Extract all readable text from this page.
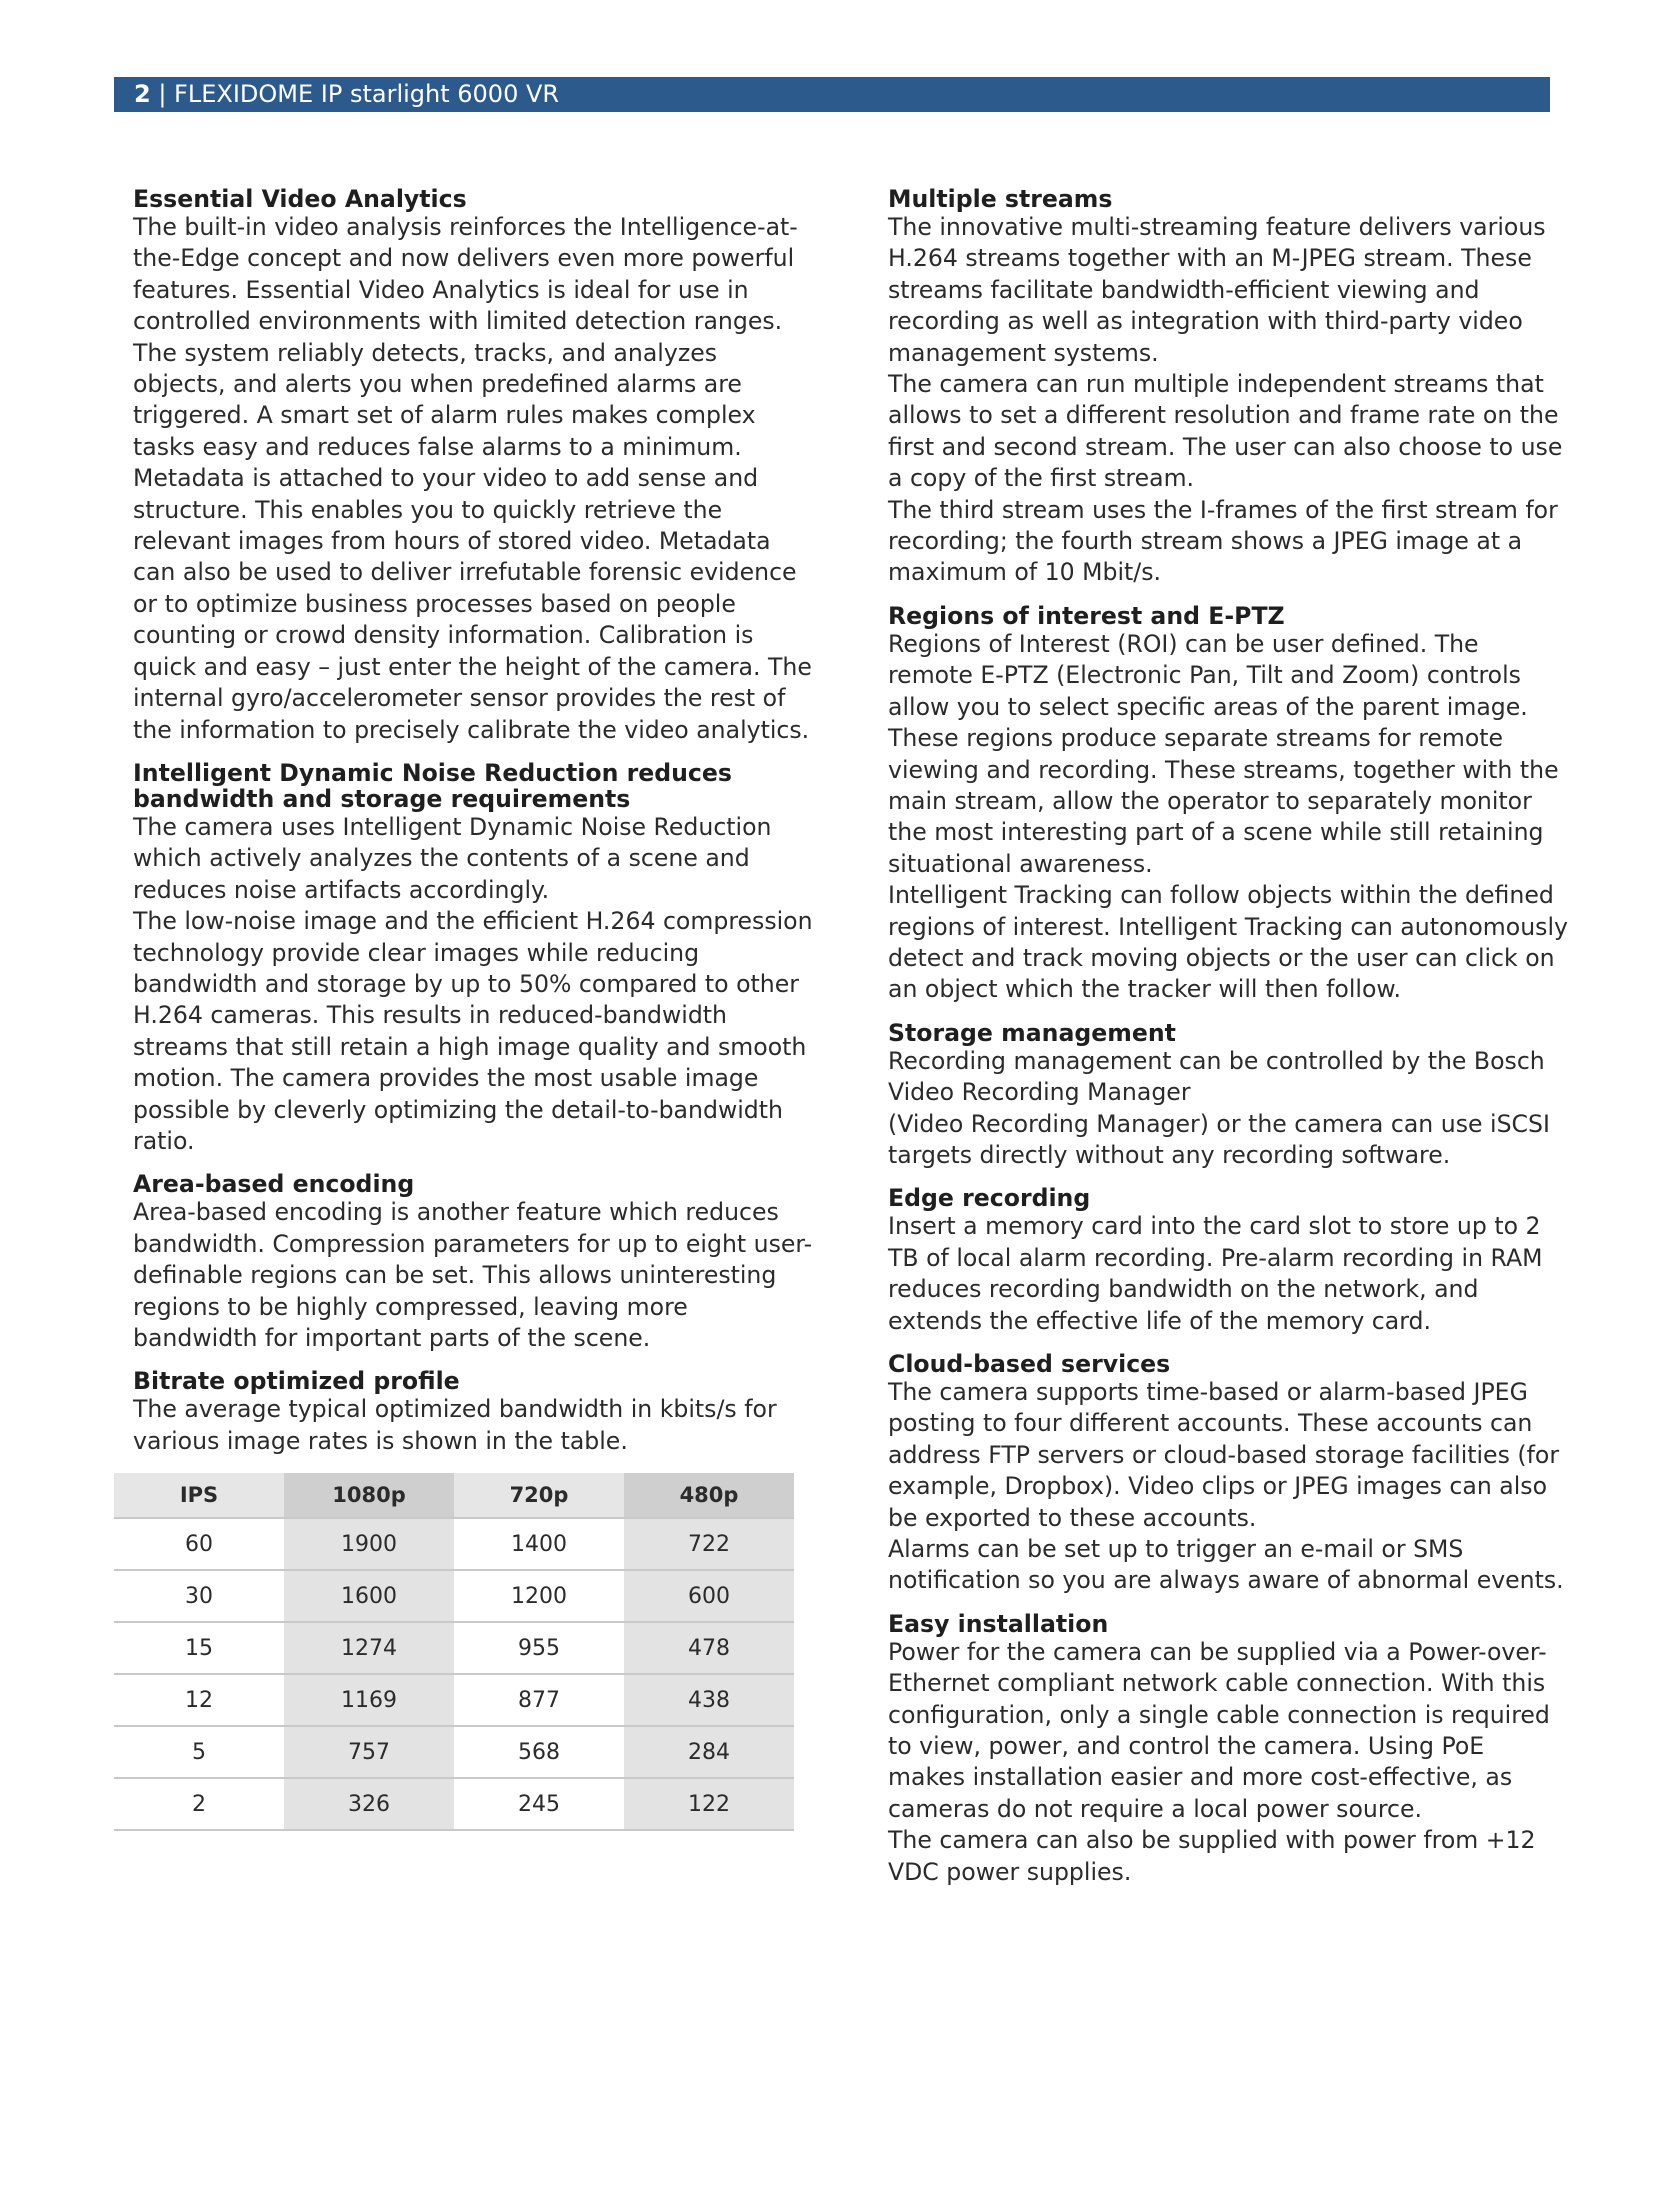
2 | FLEXIDOME IP starlight 6000 VR
Essential Video Analytics

The built-in video analysis reinforces the Intelligence-at-the-Edge concept and now delivers even more powerful features. Essential Video Analytics is ideal for use in controlled environments with limited detection ranges.

The system reliably detects, tracks, and analyzes objects, and alerts you when predefined alarms are triggered. A smart set of alarm rules makes complex tasks easy and reduces false alarms to a minimum. Metadata is attached to your video to add sense and structure. This enables you to quickly retrieve the relevant images from hours of stored video. Metadata can also be used to deliver irrefutable forensic evidence or to optimize business processes based on people counting or crowd density information. Calibration is quick and easy – just enter the height of the camera. The internal gyro/accelerometer sensor provides the rest of the information to precisely calibrate the video analytics.

Intelligent Dynamic Noise Reduction reduces bandwidth and storage requirements

The camera uses Intelligent Dynamic Noise Reduction which actively analyzes the contents of a scene and reduces noise artifacts accordingly.

The low-noise image and the efficient H.264 compression technology provide clear images while reducing bandwidth and storage by up to 50% compared to other H.264 cameras. This results in reduced-bandwidth streams that still retain a high image quality and smooth motion. The camera provides the most usable image possible by cleverly optimizing the detail-to-bandwidth ratio.

Area-based encoding

Area-based encoding is another feature which reduces bandwidth. Compression parameters for up to eight user-definable regions can be set. This allows uninteresting regions to be highly compressed, leaving more bandwidth for important parts of the scene.

Bitrate optimized profile

The average typical optimized bandwidth in kbits/s for various image rates is shown in the table.

IPS	1080p	720p	480p
60	1900	1400	722
30	1600	1200	600
15	1274	955	478
12	1169	877	438
5	757	568	284
2	326	245	122
Multiple streams

The innovative multi-streaming feature delivers various H.264 streams together with an M-JPEG stream. These streams facilitate bandwidth-efficient viewing and recording as well as integration with third-party video management systems.

The camera can run multiple independent streams that allows to set a different resolution and frame rate on the first and second stream. The user can also choose to use a copy of the first stream.

The third stream uses the I-frames of the first stream for recording; the fourth stream shows a JPEG image at a maximum of 10 Mbit/s.

Regions of interest and E-PTZ

Regions of Interest (ROI) can be user defined. The remote E-PTZ (Electronic Pan, Tilt and Zoom) controls allow you to select specific areas of the parent image. These regions produce separate streams for remote viewing and recording. These streams, together with the main stream, allow the operator to separately monitor the most interesting part of a scene while still retaining situational awareness.

Intelligent Tracking can follow objects within the defined regions of interest. Intelligent Tracking can autonomously detect and track moving objects or the user can click on an object which the tracker will then follow.

Storage management

Recording management can be controlled by the Bosch Video Recording Manager

(Video Recording Manager) or the camera can use iSCSI targets directly without any recording software.

Edge recording

Insert a memory card into the card slot to store up to 2 TB of local alarm recording. Pre-alarm recording in RAM reduces recording bandwidth on the network, and extends the effective life of the memory card.

Cloud-based services

The camera supports time-based or alarm-based JPEG posting to four different accounts. These accounts can address FTP servers or cloud-based storage facilities (for example, Dropbox). Video clips or JPEG images can also be exported to these accounts.

Alarms can be set up to trigger an e-mail or SMS notification so you are always aware of abnormal events.

Easy installation

Power for the camera can be supplied via a Power-over-Ethernet compliant network cable connection. With this configuration, only a single cable connection is required to view, power, and control the camera. Using PoE makes installation easier and more cost-effective, as cameras do not require a local power source.

The camera can also be supplied with power from +12 VDC power supplies.
